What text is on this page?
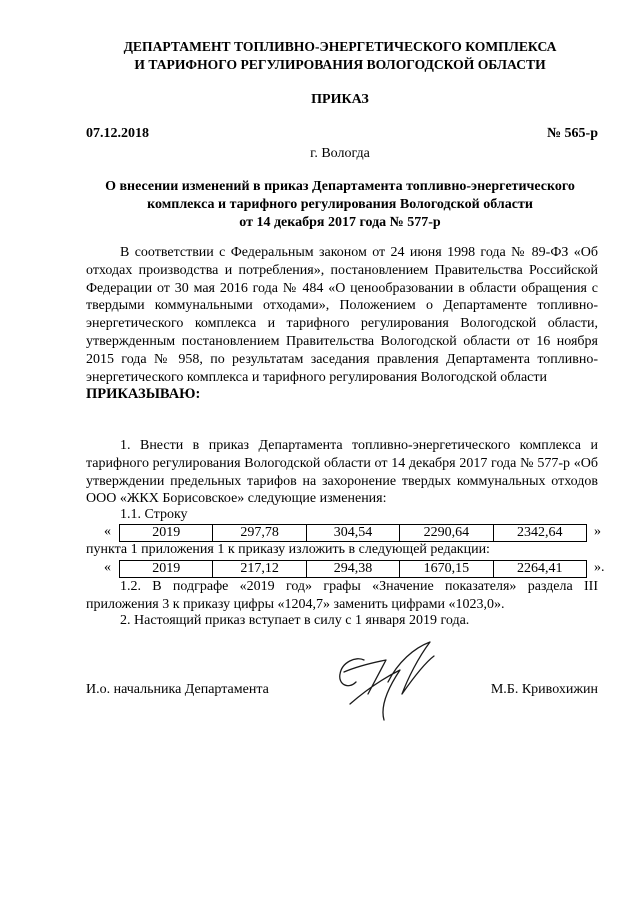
ДЕПАРТАМЕНТ ТОПЛИВНО-ЭНЕРГЕТИЧЕСКОГО КОМПЛЕКСА
И ТАРИФНОГО РЕГУЛИРОВАНИЯ ВОЛОГОДСКОЙ ОБЛАСТИ
ПРИКАЗ
07.12.2018	№ 565-р
г. Вологда
О внесении изменений в приказ Департамента топливно-энергетического
комплекса и тарифного регулирования Вологодской области
от 14 декабря 2017 года № 577-р

В соответствии с Федеральным законом от 24 июня 1998 года № 89-ФЗ «Об отходах производства и потребления», постановлением Правительства Российской Федерации от 30 мая 2016 года № 484 «О ценообразовании в области обращения с твердыми коммунальными отходами», Положением о Департаменте топливно-энергетического комплекса и тарифного регулирования Вологодской области, утвержденным постановлением Правительства Вологодской области от 16 ноября 2015 года № 958, по результатам заседания правления Департамента топливно-энергетического комплекса и тарифного регулирования Вологодской области

ПРИКАЗЫВАЮ:

1. Внести в приказ Департамента топливно-энергетического комплекса и тарифного регулирования Вологодской области от 14 декабря 2017 года № 577-р «Об утверждении предельных тарифов на захоронение твердых коммунальных отходов ООО «ЖКХ Борисовское» следующие изменения:

1.1. Строку
«	2019	297,78	304,54	2290,64	2342,64 »
пункта 1 приложения 1 к приказу изложить в следующей редакции:
«	2019	217,12	294,38	1670,15	2264,41 ».

1.2. В подграфе «2019 год» графы «Значение показателя» раздела III приложения 3 к приказу цифры «1204,7» заменить цифрами «1023,0».

2. Настоящий приказ вступает в силу с 1 января 2019 года.
И.о. начальника Департамента	М.Б. Кривохижин
